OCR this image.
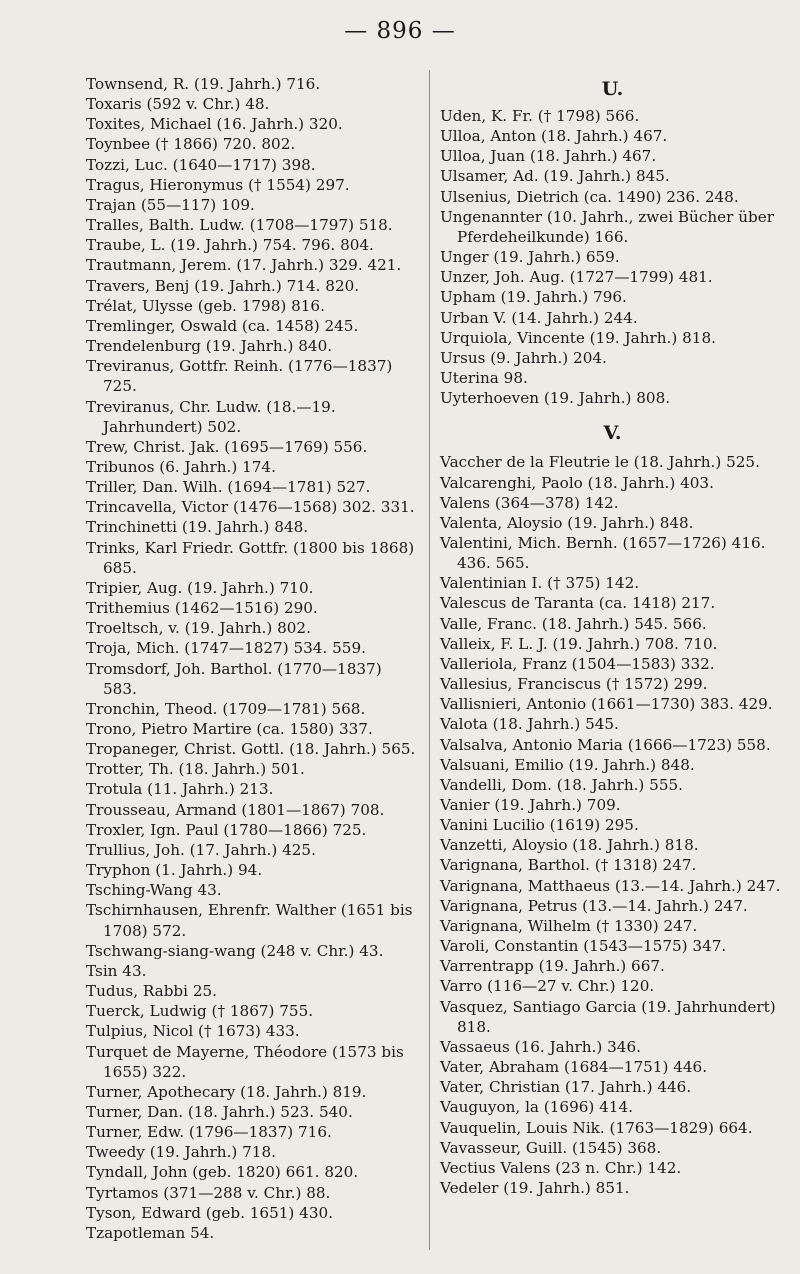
— 896 —

Townsend, R. (19. Jahrh.) 716.

Toxaris (592 v. Chr.) 48.

Toxites, Michael (16. Jahrh.) 320.

Toynbee († 1866) 720. 802.

Tozzi, Luc. (1640—1717) 398.

Tragus, Hieronymus († 1554) 297.

Trajan (55—117) 109.

Tralles, Balth. Ludw. (1708—1797) 518.

Traube, L. (19. Jahrh.) 754. 796. 804.

Trautmann, Jerem. (17. Jahrh.) 329. 421.

Travers, Benj (19. Jahrh.) 714. 820.

Trélat, Ulysse (geb. 1798) 816.

Tremlinger, Oswald (ca. 1458) 245.

Trendelenburg (19. Jahrh.) 840.

Treviranus, Gottfr. Reinh. (1776—1837) 725.

Treviranus, Chr. Ludw. (18.—19. Jahrhundert) 502.

Trew, Christ. Jak. (1695—1769) 556.

Tribunos (6. Jahrh.) 174.

Triller, Dan. Wilh. (1694—1781) 527.

Trincavella, Victor (1476—1568) 302. 331.

Trinchinetti (19. Jahrh.) 848.

Trinks, Karl Friedr. Gottfr. (1800 bis 1868) 685.

Tripier, Aug. (19. Jahrh.) 710.

Trithemius (1462—1516) 290.

Troeltsch, v. (19. Jahrh.) 802.

Troja, Mich. (1747—1827) 534. 559.

Tromsdorf, Joh. Barthol. (1770—1837) 583.

Tronchin, Theod. (1709—1781) 568.

Trono, Pietro Martire (ca. 1580) 337.

Tropaneger, Christ. Gottl. (18. Jahrh.) 565.

Trotter, Th. (18. Jahrh.) 501.

Trotula (11. Jahrh.) 213.

Trousseau, Armand (1801—1867) 708.

Troxler, Ign. Paul (1780—1866) 725.

Trullius, Joh. (17. Jahrh.) 425.

Tryphon (1. Jahrh.) 94.

Tsching-Wang 43.

Tschirnhausen, Ehrenfr. Walther (1651 bis 1708) 572.

Tschwang-siang-wang (248 v. Chr.) 43.

Tsin 43.

Tudus, Rabbi 25.

Tuerck, Ludwig († 1867) 755.

Tulpius, Nicol († 1673) 433.

Turquet de Mayerne, Théodore (1573 bis 1655) 322.

Turner, Apothecary (18. Jahrh.) 819.

Turner, Dan. (18. Jahrh.) 523. 540.

Turner, Edw. (1796—1837) 716.

Tweedy (19. Jahrh.) 718.

Tyndall, John (geb. 1820) 661. 820.

Tyrtamos (371—288 v. Chr.) 88.

Tyson, Edward (geb. 1651) 430.

Tzapotleman 54.

U.

Uden, K. Fr. († 1798) 566.

Ulloa, Anton (18. Jahrh.) 467.

Ulloa, Juan (18. Jahrh.) 467.

Ulsamer, Ad. (19. Jahrh.) 845.

Ulsenius, Dietrich (ca. 1490) 236. 248.

Ungenannter (10. Jahrh., zwei Bücher über Pferdeheilkunde) 166.

Unger (19. Jahrh.) 659.

Unzer, Joh. Aug. (1727—1799) 481.

Upham (19. Jahrh.) 796.

Urban V. (14. Jahrh.) 244.

Urquiola, Vincente (19. Jahrh.) 818.

Ursus (9. Jahrh.) 204.

Uterina 98.

Uyterhoeven (19. Jahrh.) 808.

V.

Vaccher de la Fleutrie le (18. Jahrh.) 525.

Valcarenghi, Paolo (18. Jahrh.) 403.

Valens (364—378) 142.

Valenta, Aloysio (19. Jahrh.) 848.

Valentini, Mich. Bernh. (1657—1726) 416. 436. 565.

Valentinian I. († 375) 142.

Valescus de Taranta (ca. 1418) 217.

Valle, Franc. (18. Jahrh.) 545. 566.

Valleix, F. L. J. (19. Jahrh.) 708. 710.

Valleriola, Franz (1504—1583) 332.

Vallesius, Franciscus († 1572) 299.

Vallisnieri, Antonio (1661—1730) 383. 429.

Valota (18. Jahrh.) 545.

Valsalva, Antonio Maria (1666—1723) 558.

Valsuani, Emilio (19. Jahrh.) 848.

Vandelli, Dom. (18. Jahrh.) 555.

Vanier (19. Jahrh.) 709.

Vanini Lucilio (1619) 295.

Vanzetti, Aloysio (18. Jahrh.) 818.

Varignana, Barthol. († 1318) 247.

Varignana, Matthaeus (13.—14. Jahrh.) 247.

Varignana, Petrus (13.—14. Jahrh.) 247.

Varignana, Wilhelm († 1330) 247.

Varoli, Constantin (1543—1575) 347.

Varrentrapp (19. Jahrh.) 667.

Varro (116—27 v. Chr.) 120.

Vasquez, Santiago Garcia (19. Jahrhundert) 818.

Vassaeus (16. Jahrh.) 346.

Vater, Abraham (1684—1751) 446.

Vater, Christian (17. Jahrh.) 446.

Vauguyon, la (1696) 414.

Vauquelin, Louis Nik. (1763—1829) 664.

Vavasseur, Guill. (1545) 368.

Vectius Valens (23 n. Chr.) 142.

Vedeler (19. Jahrh.) 851.
